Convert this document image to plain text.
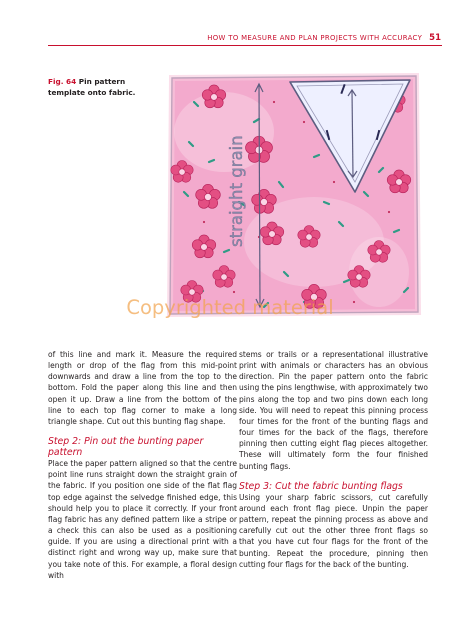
HOW TO MEASURE AND PLAN PROJECTS WITH ACCURACY 51
Fig. 64 Pin pattern template onto fabric.
straight grain
Copyrighted material

of this line and mark it. Measure the required length or drop of the flag from this mid-point downwards and draw a line from the top to the bottom. Fold the paper along this line and then open it up. Draw a line from the bottom of the line to each top flag corner to make a long triangle shape. Cut out this bunting flag shape.

Step 2: Pin out the bunting paper pattern

Place the paper pattern aligned so that the centre point line runs straight down the straight grain of the fabric. If you position one side of the flat flag top edge against the selvedge finished edge, this should help you to place it correctly. If your front flag fabric has any defined pattern like a stripe or a check this can also be used as a positioning guide. If you are using a directional print with a distinct right and wrong way up, make sure that you take note of this. For example, a floral design with

stems or trails or a representational illustrative print with animals or characters has an obvious direction. Pin the paper pattern onto the fabric using the pins lengthwise, with approximately two pins along the top and two pins down each long side. You will need to repeat this pinning process four times for the front of the bunting flags and four times for the back of the flags, therefore pinning then cutting eight flag pieces altogether. These will ultimately form the four finished bunting flags.

Step 3: Cut the fabric bunting flags

Using your sharp fabric scissors, cut carefully around each front flag piece. Unpin the paper pattern, repeat the pinning process as above and carefully cut out the other three front flags so that you have cut four flags for the front of the bunting. Repeat the procedure, pinning then cutting four flags for the back of the bunting.
